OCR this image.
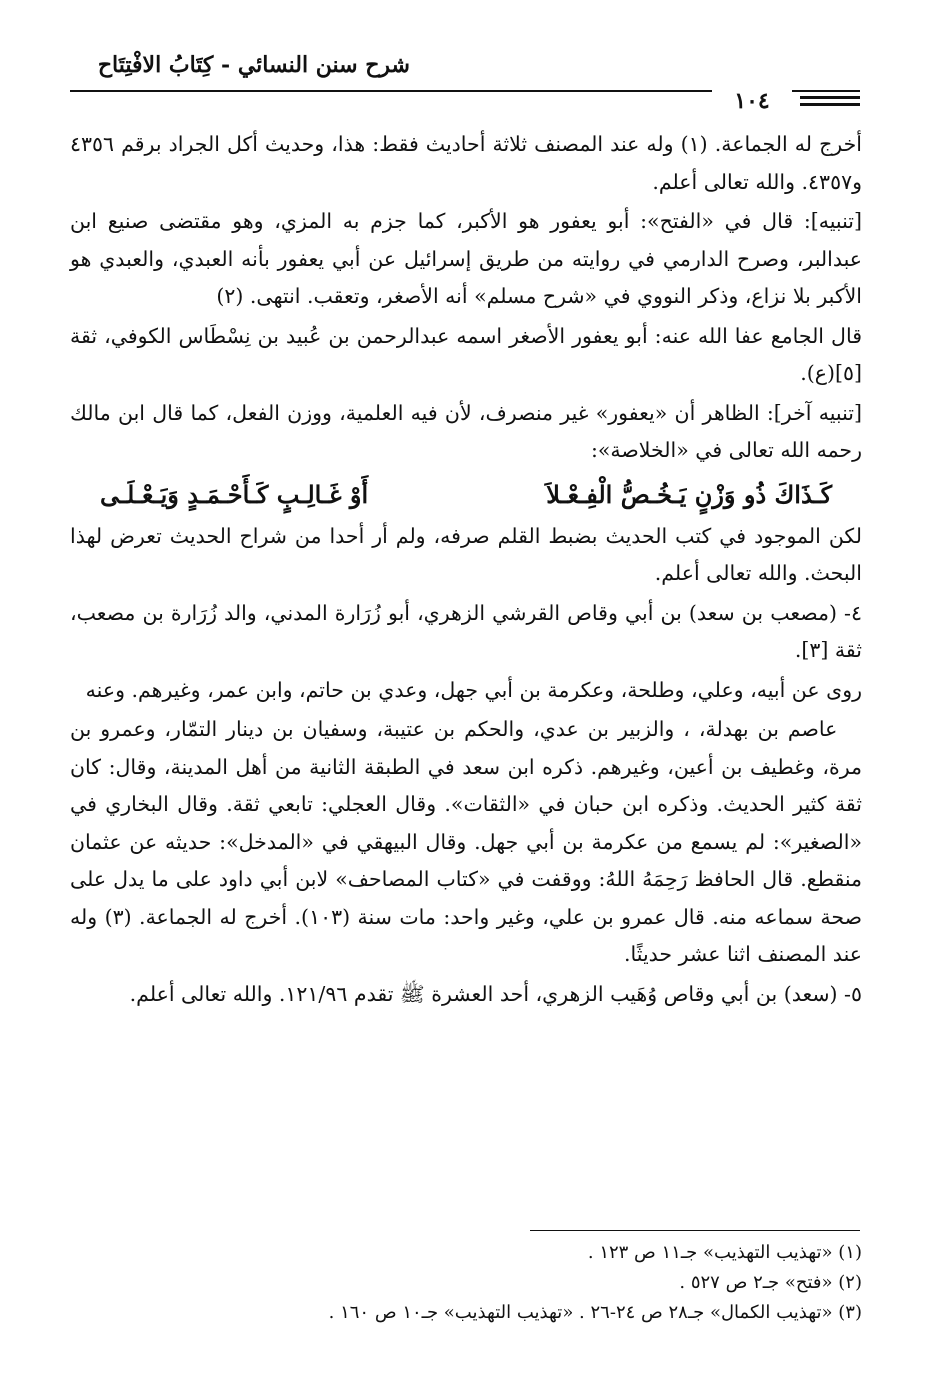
شرح سنن النسائي - كِتَابُ الافْتِتَاح
١٠٤

أخرج له الجماعة. (١) وله عند المصنف ثلاثة أحاديث فقط: هذا، وحديث أكل الجراد برقم ٤٣٥٦ و٤٣٥٧. والله تعالى أعلم.

[تنبيه]: قال في «الفتح»: أبو يعفور هو الأكبر، كما جزم به المزي، وهو مقتضى صنيع ابن عبدالبر، وصرح الدارمي في روايته من طريق إسرائيل عن أبي يعفور بأنه العبدي، والعبدي هو الأكبر بلا نزاع، وذكر النووي في «شرح مسلم» أنه الأصغر، وتعقب. انتهى. (٢)

قال الجامع عفا الله عنه: أبو يعفور الأصغر اسمه عبدالرحمن بن عُبيد بن نِسْطَاس الكوفي، ثقة [٥](ع).

[تنبيه آخر]: الظاهر أن «يعفور» غير منصرف، لأن فيه العلمية، ووزن الفعل، كما قال ابن مالك رحمه الله تعالى في «الخلاصة»:

كَـذَاكَ ذُو وَزْنٍ يَـخُـصُّ الْفِـعْـلاَ
أَوْ غَـالِـبٍ كَـأَحْـمَـدٍ وَيَـعْـلَـى

لكن الموجود في كتب الحديث بضبط القلم صرفه، ولم أر أحدا من شراح الحديث تعرض لهذا البحث. والله تعالى أعلم.

٤- (مصعب بن سعد) بن أبي وقاص القرشي الزهري، أبو زُرَارة المدني، والد زُرَارة بن مصعب، ثقة [٣].

روى عن أبيه، وعلي، وطلحة، وعكرمة بن أبي جهل، وعدي بن حاتم، وابن عمر، وغيرهم. وعنه

عاصم بن بهدلة، ، والزبير بن عدي، والحكم بن عتيبة، وسفيان بن دينار التمّار، وعمرو بن مرة، وغطيف بن أعين، وغيرهم. ذكره ابن سعد في الطبقة الثانية من أهل المدينة، وقال: كان ثقة كثير الحديث. وذكره ابن حبان في «الثقات». وقال العجلي: تابعي ثقة. وقال البخاري في «الصغير»: لم يسمع من عكرمة بن أبي جهل. وقال البيهقي في «المدخل»: حديثه عن عثمان منقطع. قال الحافظ رَحِمَهُ اللهُ: ووقفت في «كتاب المصاحف» لابن أبي داود على ما يدل على صحة سماعه منه. قال عمرو بن علي، وغير واحد: مات سنة (١٠٣). أخرج له الجماعة. (٣) وله عند المصنف اثنا عشر حديثًا.

٥- (سعد) بن أبي وقاص وُهَيب الزهري، أحد العشرة ﷺ تقدم ١٢١/٩٦. والله تعالى أعلم.

(١) «تهذيب التهذيب» جـ١١ ص ١٢٣ .
(٢) «فتح» جـ٢ ص ٥٢٧ .
(٣) «تهذيب الكمال» جـ٢٨ ص ٢٤-٢٦ . «تهذيب التهذيب» جـ١٠ ص ١٦٠ .
